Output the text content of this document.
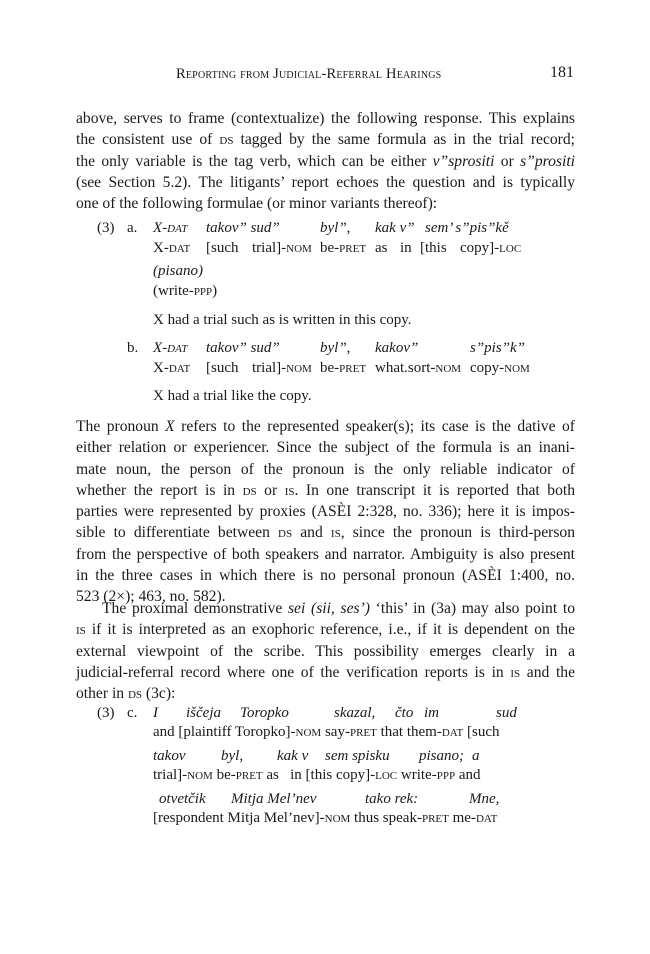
Reporting from Judicial-Referral Hearings	181
above, serves to frame (contextualize) the following response. This explains
the consistent use of ds tagged by the same formula as in the trial record;
the only variable is the tag verb, which can be either v”sprositi or s”prositi
(see Section 5.2). The litigants’ report echoes the question and is typically
one of the following formulae (or minor variants thereof):
(3) a. X-dat takov” sud”	byl”, kak v” sem’ s”pis”kě
X-dat [such trial]-nom be-pret as in [this copy]-loc
(pisano)
(write-ppp)
X had a trial such as is written in this copy.
b. X-dat takov” sud”	byl”, kakov”	s”pis”k”
X-dat [such trial]-nom be-pret what.sort-nom copy-nom
X had a trial like the copy.
The pronoun X refers to the represented speaker(s); its case is the dative of
either relation or experiencer. Since the subject of the formula is an inani-
mate noun, the person of the pronoun is the only reliable indicator of
whether the report is in ds or is. In one transcript it is reported that both
parties were represented by proxies (ASÈI 2:328, no. 336); here it is impos-
sible to differentiate between ds and is, since the pronoun is third-person
from the perspective of both speakers and narrator. Ambiguity is also present
in the three cases in which there is no personal pronoun (ASÈI 1:400, no.
523 (2×); 463, no. 582).
The proximal demonstrative sei (sii, ses’) ‘this’ in (3a) may also point to
is if it is interpreted as an exophoric reference, i.e., if it is dependent on the
external viewpoint of the scribe. This possibility emerges clearly in a
judicial-referral record where one of the verification reports is in is and the
other in ds (3c):
(3) c. I iščeja Toropko	skazal, čto im	sud
and [plaintiff Toropko]-nom say-pret that them-dat [such
takov byl, kak v sem spisku pisano; a
trial]-nom be-pret as   in [this copy]-loc write-ppp and
otvetčik Mitja Mel’nev	tako rek:	Mne,
[respondent Mitja Mel’nev]-nom thus speak-pret me-dat
